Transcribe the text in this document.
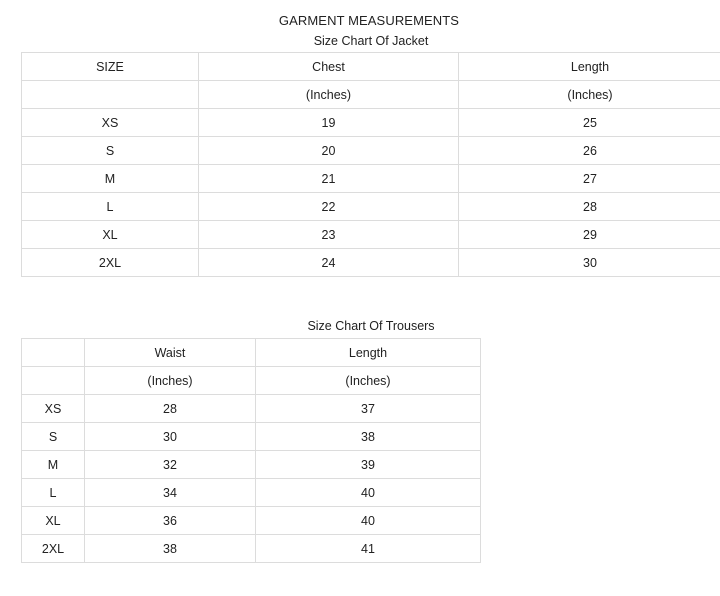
GARMENT MEASUREMENTS
Size Chart Of Jacket
SIZE	Chest	Length
	(Inches)	(Inches)
XS	19	25
S	20	26
M	21	27
L	22	28
XL	23	29
2XL	24	30
Size Chart Of Trousers
	Waist	Length
	(Inches)	(Inches)
XS	28	37
S	30	38
M	32	39
L	34	40
XL	36	40
2XL	38	41
